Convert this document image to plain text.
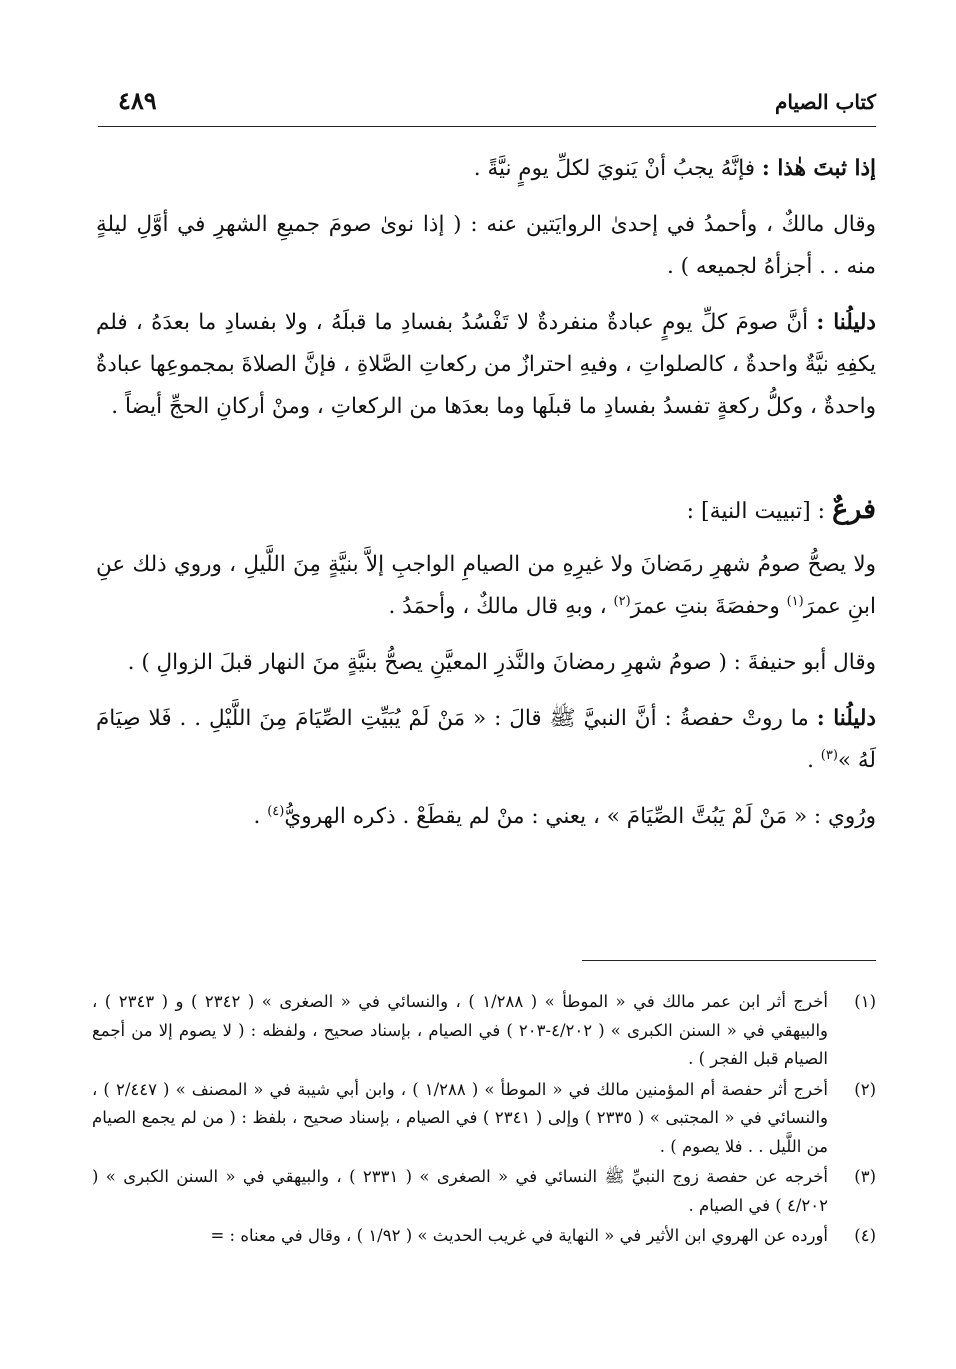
كتاب الصيام
٤٨٩

إذا ثبتَ هٰذا : فإنَّهُ يجبُ أنْ يَنويَ لكلِّ يومٍ نيَّةً .

وقال مالكٌ ، وأحمدُ في إحدىٰ الروايَتين عنه : ( إذا نوىٰ صومَ جميعِ الشهرِ في أوَّلِ ليلةٍ منه . . أجزأهُ لجميعه ) .

دليلُنا : أنَّ صومَ كلِّ يومٍ عبادةٌ منفردةٌ لا تَفْسُدُ بفسادِ ما قبلَهُ ، ولا بفسادِ ما بعدَهُ ، فلم يكفِهِ نيَّةٌ واحدةٌ ، كالصلواتِ ، وفيهِ احترازٌ من ركعاتِ الصَّلاةِ ، فإنَّ الصلاةَ بمجموعِها عبادةٌ واحدةٌ ، وكلُّ ركعةٍ تفسدُ بفسادِ ما قبلَها وما بعدَها من الركعاتِ ، ومنْ أركانِ الحجِّ أيضاً .

فرعٌ : [تبييت النية] :

ولا يصحُّ صومُ شهرِ رمَضانَ ولا غيرِهِ من الصيامِ الواجبِ إلاَّ بنيَّةٍ مِنَ اللَّيلِ ، وروي ذلك عنِ ابنِ عمرَ$^{(١)}$ وحفصَةَ بنتِ عمرَ$^{(٢)}$ ، وبهِ قال مالكٌ ، وأحمَدُ .

وقال أبو حنيفةَ : ( صومُ شهرِ رمضانَ والنَّذرِ المعيَّنِ يصحُّ بنيَّةٍ منَ النهار قبلَ الزوالِ ) .

دليلُنا : ما روتْ حفصةُ : أنَّ النبيَّ ﷺ قالَ : « مَنْ لَمْ يُبَيِّتِ الصِّيَامَ مِنَ اللَّيْلِ . . فَلا صِيَامَ لَهُ »$^{(٣)}$ .

ورُوي : « مَنْ لَمْ يَبُتَّ الصِّيَامَ » ، يعني : منْ لم يقطَعْ . ذكره الهرويُّ$^{(٤)}$ .

(١)
أخرج أثر ابن عمر مالك في « الموطأ » ( ١/٢٨٨ ) ، والنسائي في « الصغرى » ( ٢٣٤٢ ) و ( ٢٣٤٣ ) ، والبيهقي في « السنن الكبرى » ( ٤/٢٠٢-٢٠٣ ) في الصيام ، بإسناد صحيح ، ولفظه : ( لا يصوم إلا من أجمع الصيام قبل الفجر ) .
(٢)
أخرج أثر حفصة أم المؤمنين مالك في « الموطأ » ( ١/٢٨٨ ) ، وابن أبي شيبة في « المصنف » ( ٢/٤٤٧ ) ، والنسائي في « المجتبى » ( ٢٣٣٥ ) وإلى ( ٢٣٤١ ) في الصيام ، بإسناد صحيح ، بلفظ : ( من لم يجمع الصيام من اللَّيل . . فلا يصوم ) .
(٣)
أخرجه عن حفصة زوج النبيِّ ﷺ النسائي في « الصغرى » ( ٢٣٣١ ) ، والبيهقي في « السنن الكبرى » ( ٤/٢٠٢ ) في الصيام .
(٤)
أورده عن الهروي ابن الأثير في « النهاية في غريب الحديث » ( ١/٩٢ ) ، وقال في معناه : =
